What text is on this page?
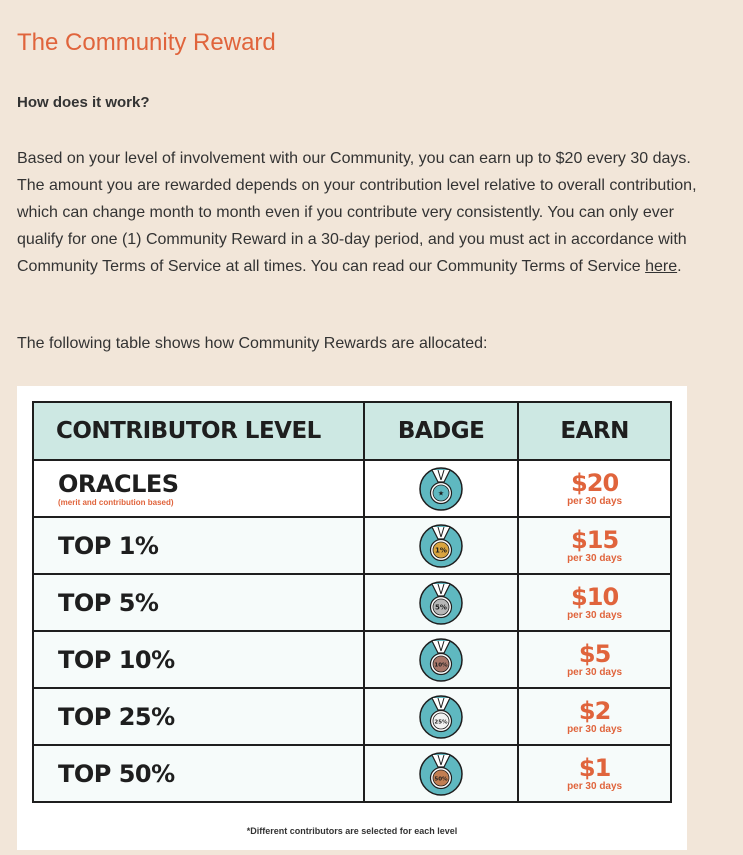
The Community Reward
How does it work?

Based on your level of involvement with our Community, you can earn up to $20 every 30 days. The amount you are rewarded depends on your contribution level relative to overall contribution, which can change month to month even if you contribute very consistently. You can only ever qualify for one (1) Community Reward in a 30-day period, and you must act in accordance with Community Terms of Service at all times. You can read our Community Terms of Service here.

The following table shows how Community Rewards are allocated:

CONTRIBUTOR LEVEL	BADGE	EARN

ORACLES
(merit and contribution based)	★	$20
per 30 days

TOP 1%	1%	$15
per 30 days

TOP 5%	5%	$10
per 30 days

TOP 10%	10%	$5
per 30 days

TOP 25%	25%	$2
per 30 days

TOP 50%	50%	$1
per 30 days
*Different contributors are selected for each level
